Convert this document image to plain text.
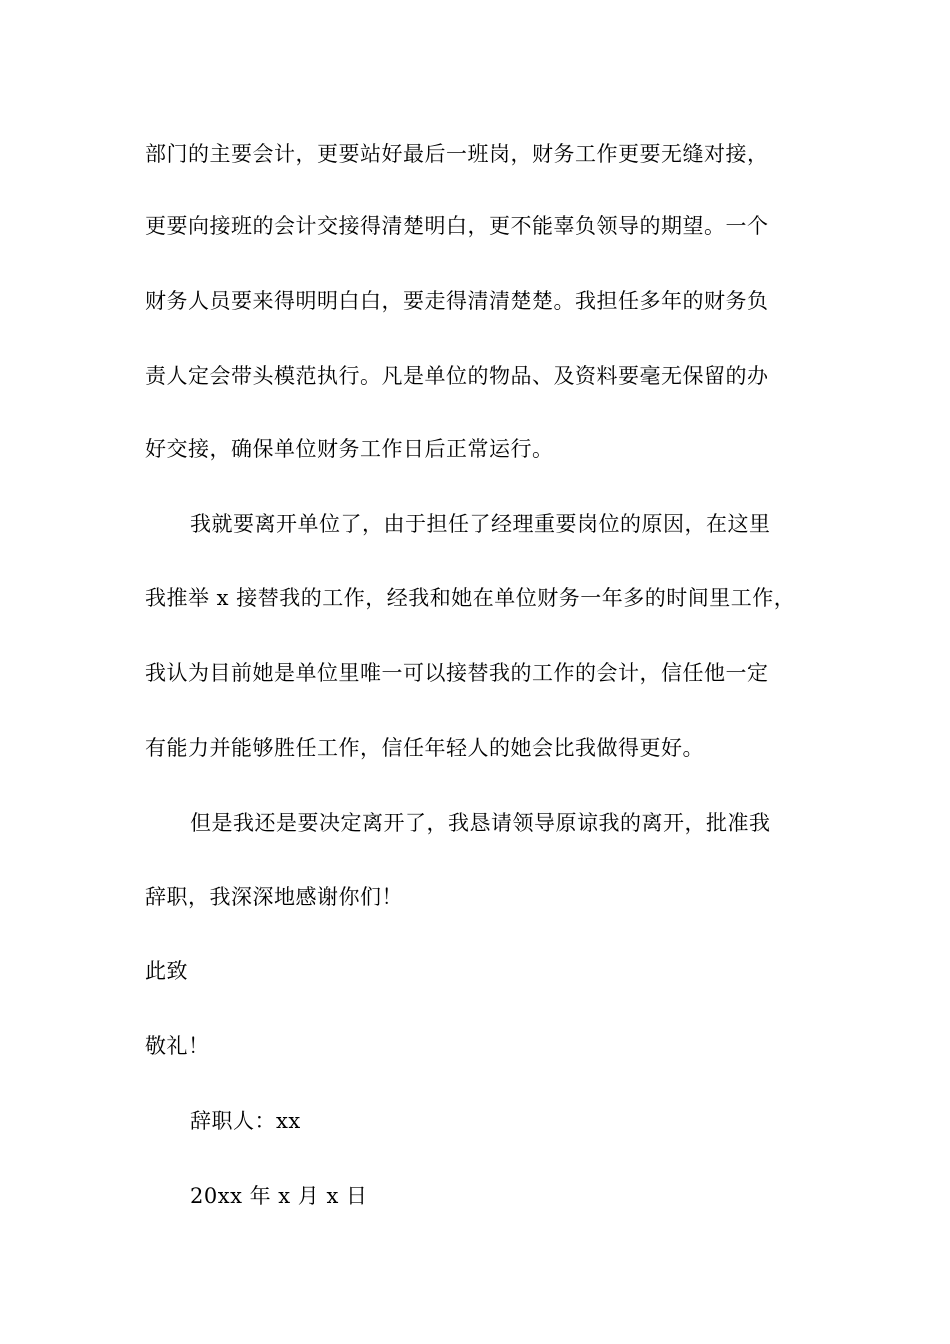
部门的主要会计，更要站好最后一班岗，财务工作更要无缝对接，
更要向接班的会计交接得清楚明白，更不能辜负领导的期望。一个
财务人员要来得明明白白，要走得清清楚楚。我担任多年的财务负
责人定会带头模范执行。凡是单位的物品、及资料要毫无保留的办
好交接，确保单位财务工作日后正常运行。
我就要离开单位了，由于担任了经理重要岗位的原因，在这里
我推举 x 接替我的工作，经我和她在单位财务一年多的时间里工作，
我认为目前她是单位里唯一可以接替我的工作的会计，信任他一定
有能力并能够胜任工作，信任年轻人的她会比我做得更好。
但是我还是要决定离开了，我恳请领导原谅我的离开，批准我
辞职，我深深地感谢你们！
此致
敬礼！
辞职人：xx
20xx 年 x 月 x 日
